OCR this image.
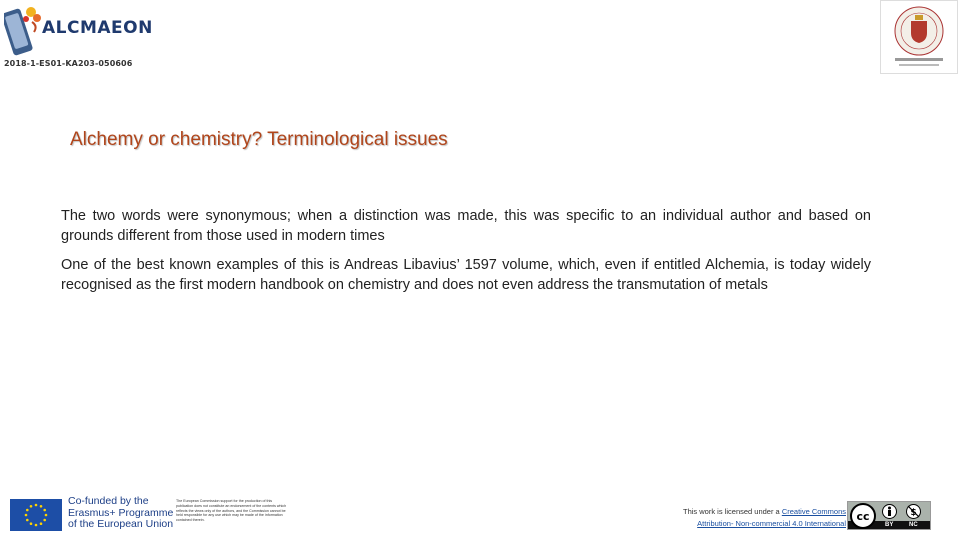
ALCMAEON
2018-1-ES01-KA203-050606
Alchemy or chemistry? Terminological issues

The two words were synonymous; when a distinction was made, this was specific to an individual author and based on grounds different from those used in modern times

One of the best known examples of this is Andreas Libavius’ 1597 volume, which, even if entitled Alchemia, is today widely recognised as the first modern handbook on chemistry and does not even address the transmutation of metals

Co-funded by the
Erasmus+ Programme
of the European Union
The European Commission support for the production of this publication does not constitute an endorsement of the contents which reflects the views only of the authors, and the Commission cannot be held responsible for any use which may be made of the information contained therein.
This work is licensed under a Creative Commons Attribution- Non-commercial 4.0 International
cc	$
BY	NC
